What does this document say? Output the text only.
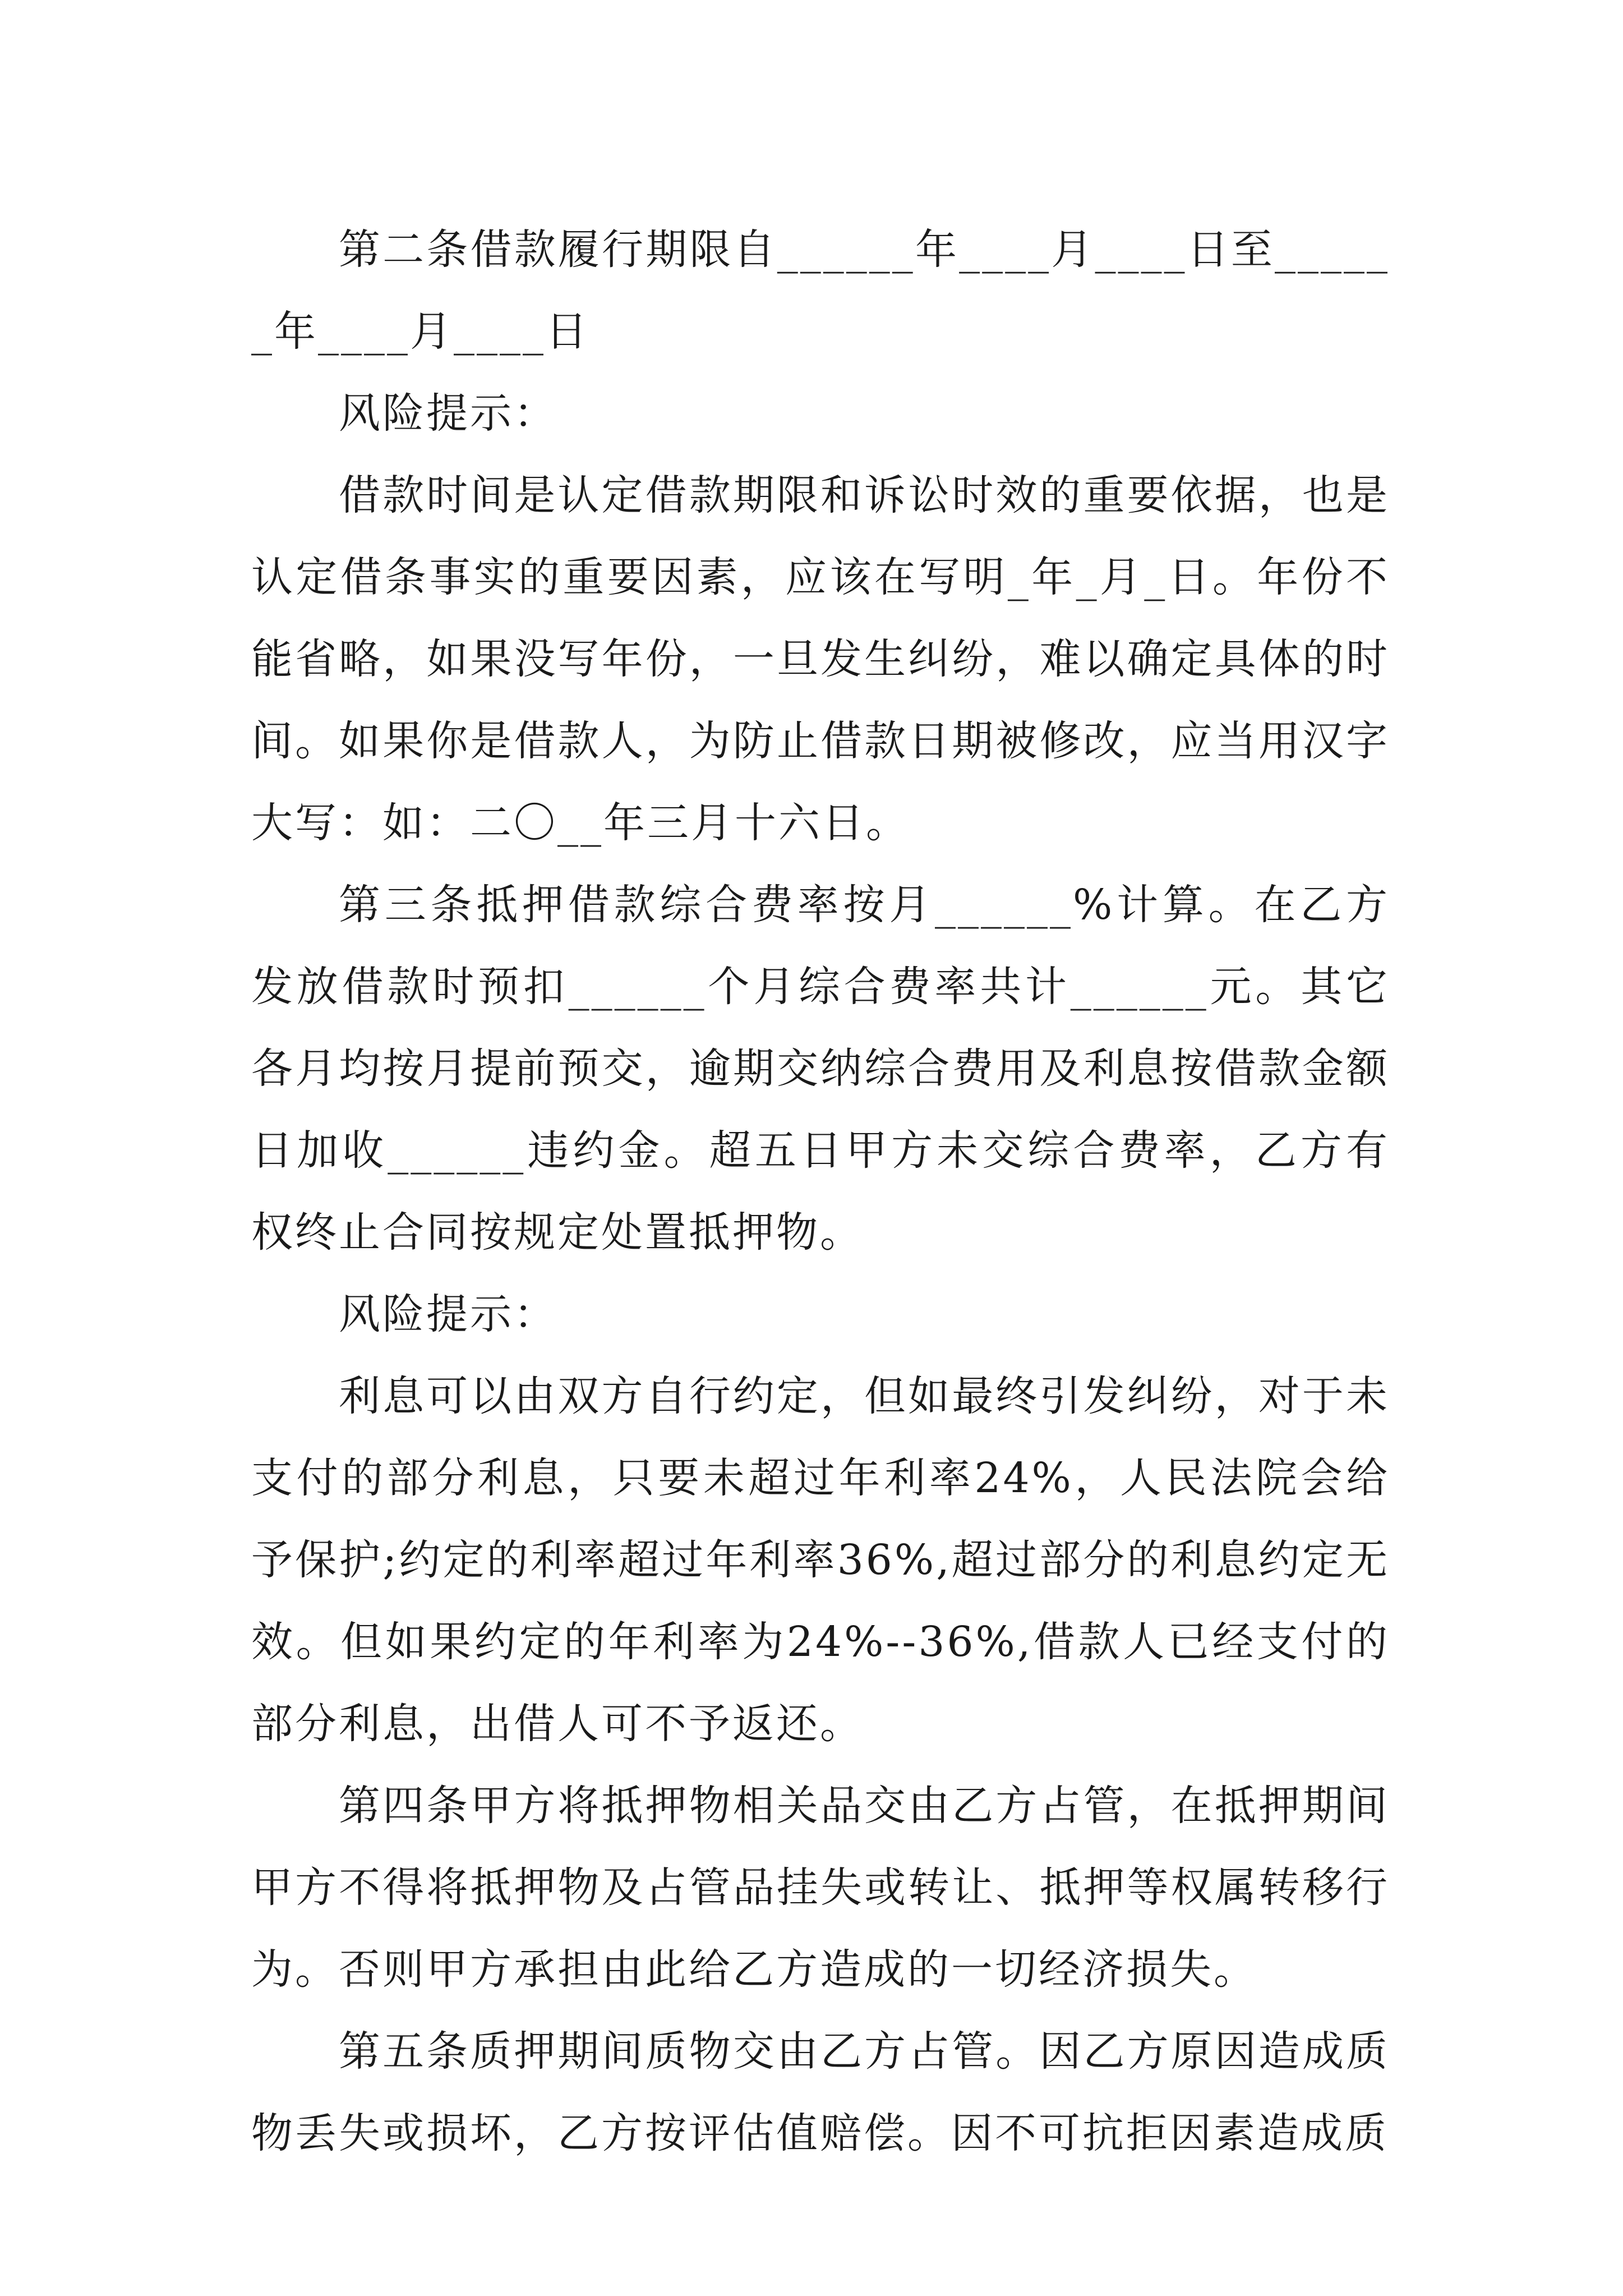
第二条借款履行期限自______年____月____日至______年____月____日

风险提示：

借款时间是认定借款期限和诉讼时效的重要依据，也是认定借条事实的重要因素，应该在写明_年_月_日。年份不能省略，如果没写年份，一旦发生纠纷，难以确定具体的时间。如果你是借款人，为防止借款日期被修改，应当用汉字大写：如：二〇__年三月十六日。

第三条抵押借款综合费率按月______%计算。在乙方发放借款时预扣______个月综合费率共计______元。其它各月均按月提前预交，逾期交纳综合费用及利息按借款金额日加收______违约金。超五日甲方未交综合费率，乙方有权终止合同按规定处置抵押物。

风险提示：

利息可以由双方自行约定，但如最终引发纠纷，对于未支付的部分利息，只要未超过年利率24%，人民法院会给予保护;约定的利率超过年利率36%,超过部分的利息约定无效。但如果约定的年利率为24%--36%,借款人已经支付的部分利息，出借人可不予返还。

第四条甲方将抵押物相关品交由乙方占管，在抵押期间甲方不得将抵押物及占管品挂失或转让、抵押等权属转移行为。否则甲方承担由此给乙方造成的一切经济损失。

第五条质押期间质物交由乙方占管。因乙方原因造成质物丢失或损坏，乙方按评估值赔偿。因不可抗拒因素造成质
